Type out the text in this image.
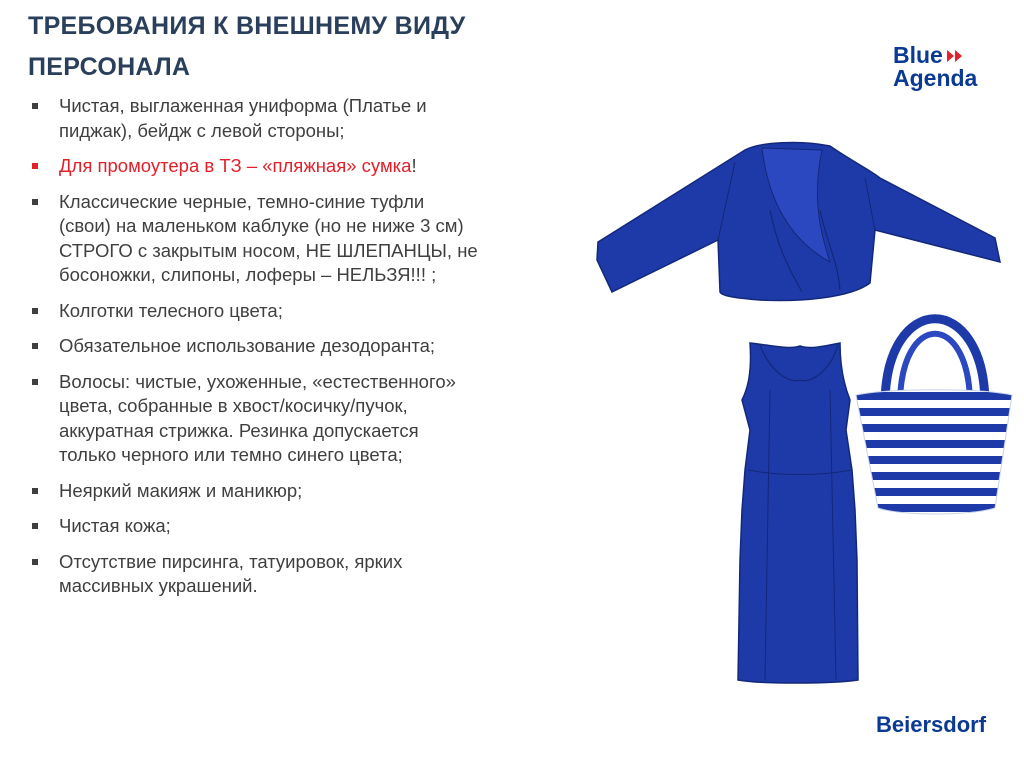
ТРЕБОВАНИЯ К ВНЕШНЕМУ ВИДУ
ПЕРСОНАЛА	Blue
Agenda
Beiersdorf
Чистая, выглаженная униформа (Платье и
пиджак), бейдж с левой стороны;
Для промоутера в ТЗ – «пляжная» сумка!
Классические черные, темно-синие туфли
(свои) на маленьком каблуке (но не ниже 3 см)
СТРОГО с закрытым носом, НЕ ШЛЕПАНЦЫ, не
босоножки, слипоны, лоферы – НЕЛЬЗЯ!!! ;
Колготки телесного цвета;
Обязательное использование дезодоранта;
Волосы: чистые, ухоженные, «естественного»
цвета, собранные в хвост/косичку/пучок,
аккуратная стрижка. Резинка допускается
только черного или темно синего цвета;
Неяркий макияж и маникюр;
Чистая кожа;
Отсутствие пирсинга, татуировок, ярких
массивных украшений.
